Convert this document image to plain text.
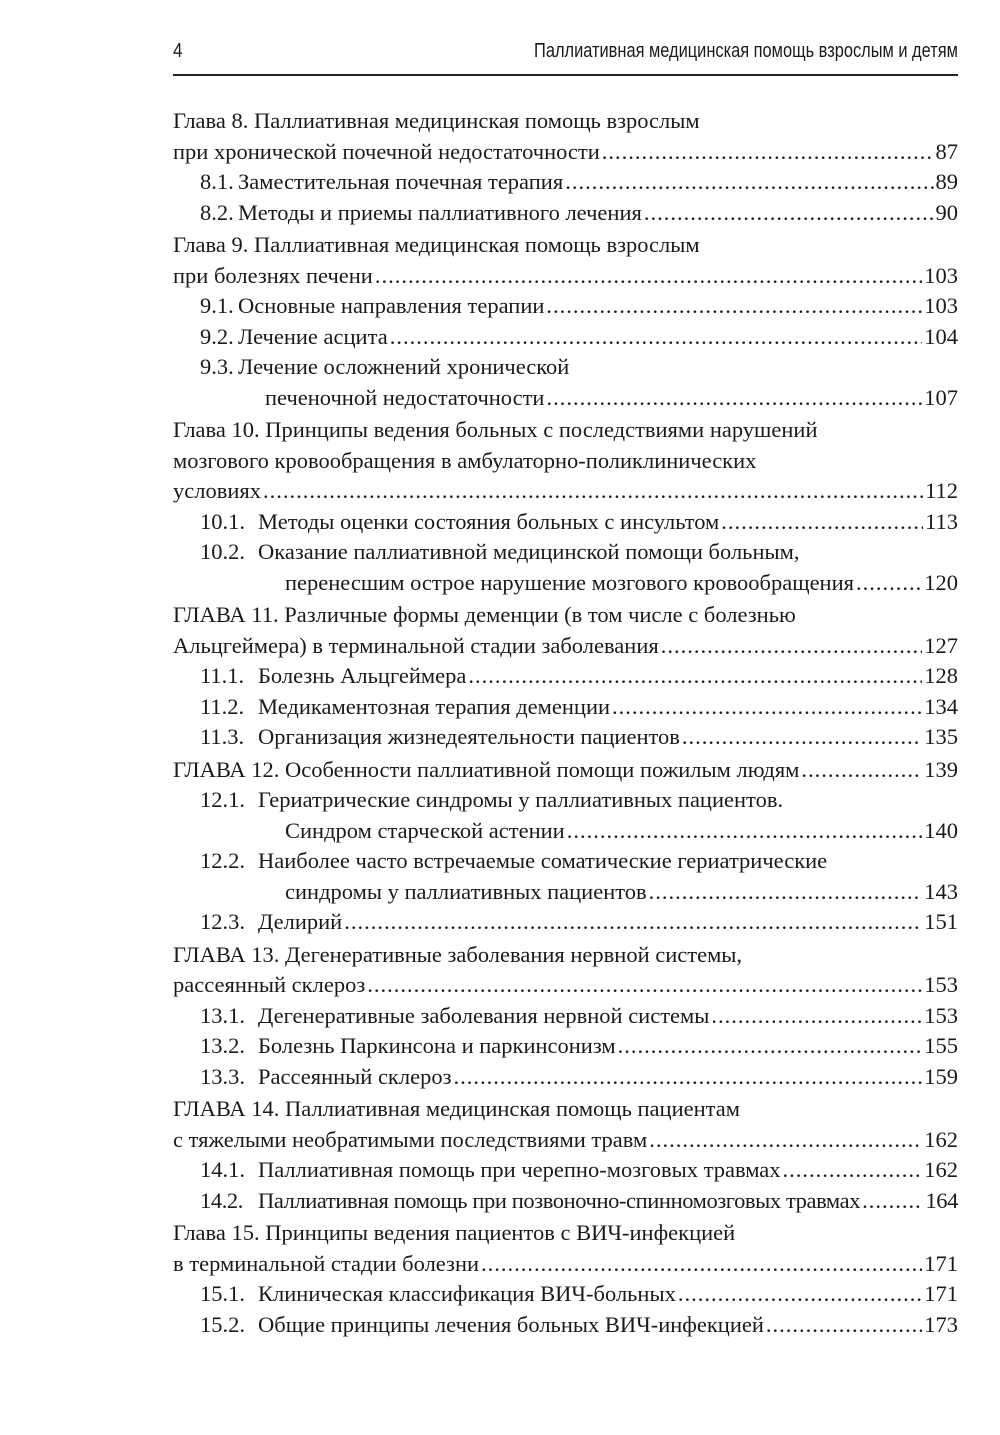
4	Паллиативная медицинская помощь взрослым и детям
Глава 8. Паллиативная медицинская помощь взрослым
при хронической почечной недостаточности .....	87
8.1. Заместительная почечная терапия .....	89
8.2. Методы и приемы паллиативного лечения .....	90
Глава 9. Паллиативная медицинская помощь взрослым
при болезнях печени .....	103
9.1. Основные направления терапии .....	103
9.2. Лечение асцита .....	104
9.3. Лечение осложнений хронической
печеночной недостаточности .....	107
Глава 10. Принципы ведения больных с последствиями нарушений
мозгового кровообращения в амбулаторно-поликлинических
условиях .....	112
10.1. Методы оценки состояния больных с инсультом .....	113
10.2. Оказание паллиативной медицинской помощи больным,
перенесшим острое нарушение мозгового кровообращения .....	120
ГЛАВА 11. Различные формы деменции (в том числе с болезнью
Альцгеймера) в терминальной стадии заболевания .....	127
11.1. Болезнь Альцгеймера .....	128
11.2. Медикаментозная терапия деменции .....	134
11.3. Организация жизнедеятельности пациентов .....	135
ГЛАВА 12. Особенности паллиативной помощи пожилым людям .....	139
12.1. Гериатрические синдромы у паллиативных пациентов.
Синдром старческой астении .....	140
12.2. Наиболее часто встречаемые соматические гериатрические
синдромы у паллиативных пациентов .....	143
12.3. Делирий .....	151
ГЛАВА 13. Дегенеративные заболевания нервной системы,
рассеянный склероз .....	153
13.1. Дегенеративные заболевания нервной системы .....	153
13.2. Болезнь Паркинсона и паркинсонизм .....	155
13.3. Рассеянный склероз .....	159
ГЛАВА 14. Паллиативная медицинская помощь пациентам
с тяжелыми необратимыми последствиями травм .....	162
14.1. Паллиативная помощь при черепно-мозговых травмах .....	162
14.2. Паллиативная помощь при позвоночно-спинномозговых травмах .....	164
Глава 15. Принципы ведения пациентов с ВИЧ-инфекцией
в терминальной стадии болезни .....	171
15.1. Клиническая классификация ВИЧ-больных .....	171
15.2. Общие принципы лечения больных ВИЧ-инфекцией .....	173
